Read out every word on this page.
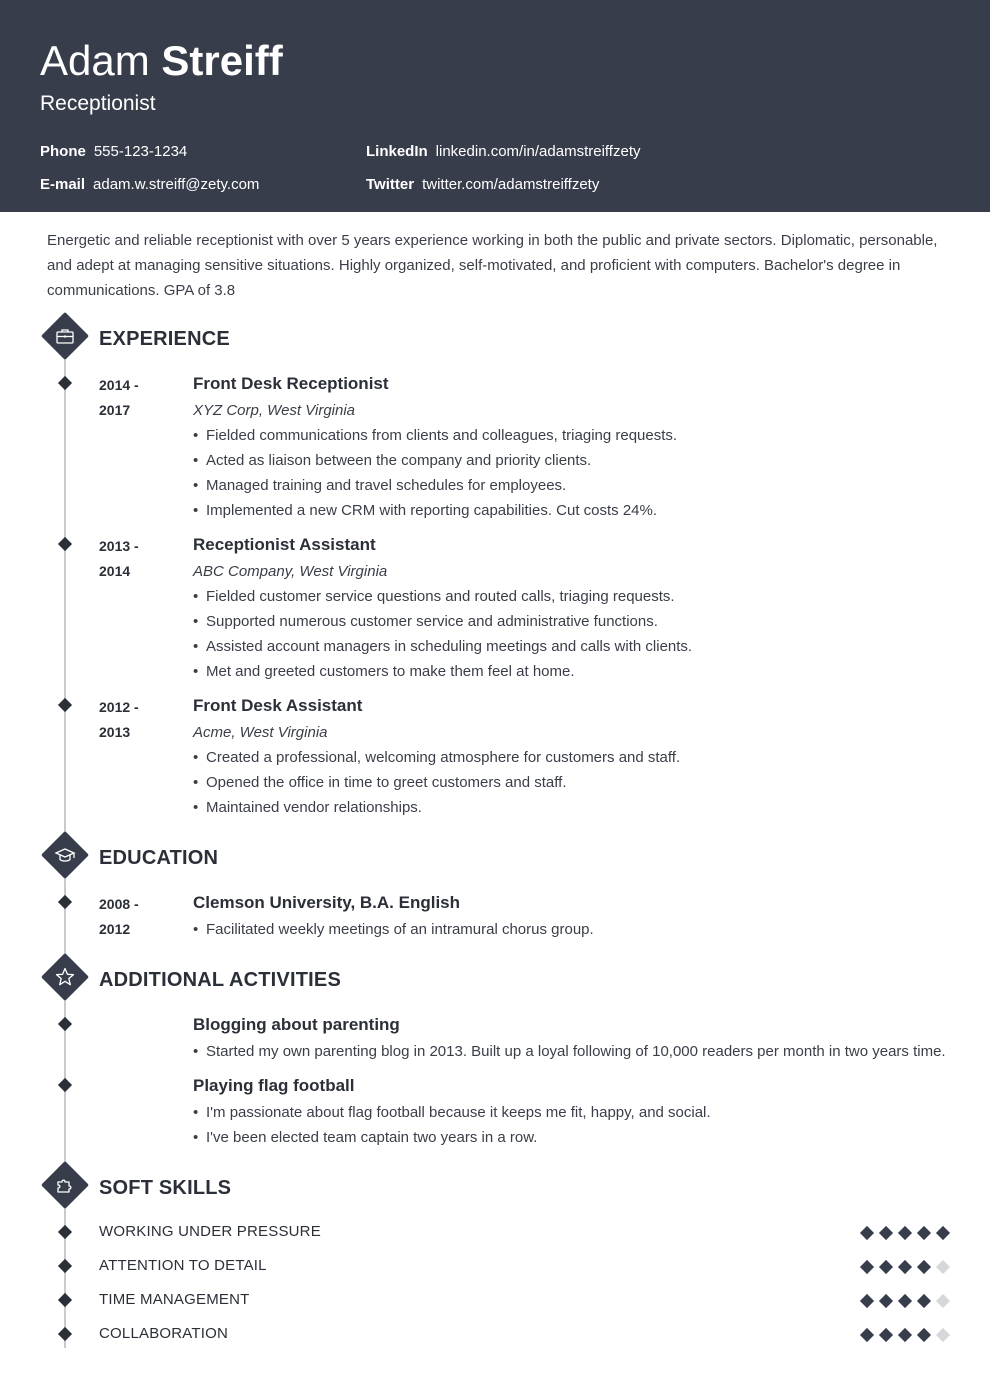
Adam Streiff
Receptionist
Phone 555-123-1234
E-mail adam.w.streiff@zety.com
LinkedIn linkedin.com/in/adamstreiffzety
Twitter twitter.com/adamstreiffzety
Energetic and reliable receptionist with over 5 years experience working in both the public and private sectors. Diplomatic, personable, and adept at managing sensitive situations. Highly organized, self-motivated, and proficient with computers. Bachelor's degree in communications. GPA of 3.8
EXPERIENCE
2014 -
2017
Front Desk Receptionist
XYZ Corp, West Virginia
• Fielded communications from clients and colleagues, triaging requests.
• Acted as liaison between the company and priority clients.
• Managed training and travel schedules for employees.
• Implemented a new CRM with reporting capabilities. Cut costs 24%.
2013 -
2014
Receptionist Assistant
ABC Company, West Virginia
• Fielded customer service questions and routed calls, triaging requests.
• Supported numerous customer service and administrative functions.
• Assisted account managers in scheduling meetings and calls with clients.
• Met and greeted customers to make them feel at home.
2012 -
2013
Front Desk Assistant
Acme, West Virginia
• Created a professional, welcoming atmosphere for customers and staff.
• Opened the office in time to greet customers and staff.
• Maintained vendor relationships.
EDUCATION
2008 -
2012
Clemson University, B.A. English
• Facilitated weekly meetings of an intramural chorus group.
ADDITIONAL ACTIVITIES
Blogging about parenting
• Started my own parenting blog in 2013. Built up a loyal following of 10,000 readers per month in two years time.
Playing flag football
• I'm passionate about flag football because it keeps me fit, happy, and social.
• I've been elected team captain two years in a row.
SOFT SKILLS
WORKING UNDER PRESSURE
ATTENTION TO DETAIL
TIME MANAGEMENT
COLLABORATION
